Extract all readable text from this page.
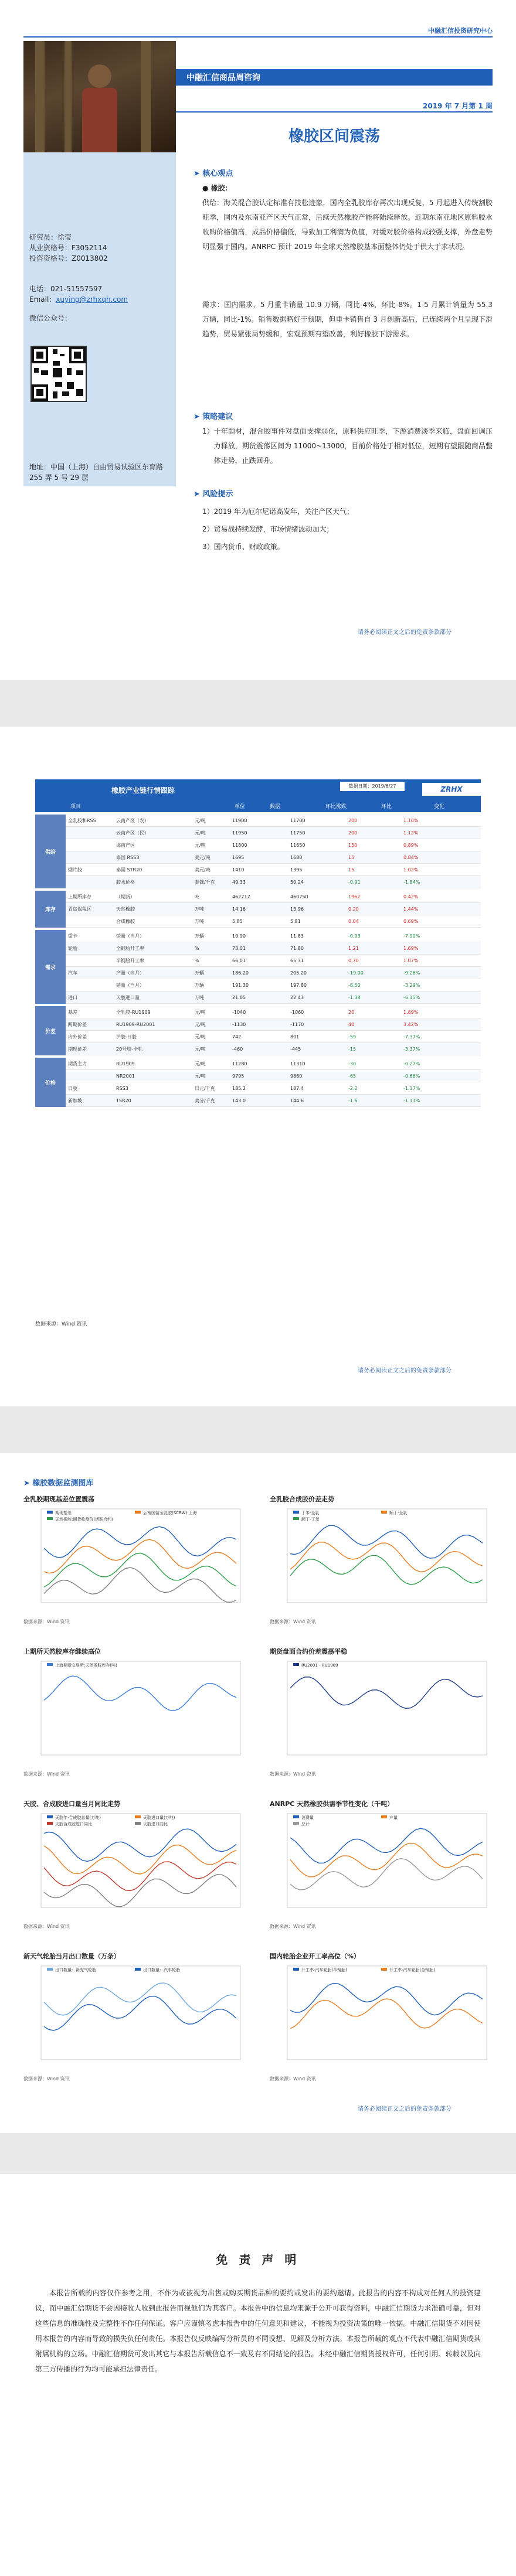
中融汇信投资研究中心
中融汇信商品周咨询
2019 年 7 月第 1 周
橡胶区间震荡
研究员：徐莹
从业资格号：F3052114
投咨资格号：Z0013802
电话：021-51557597
Email：xuying@zrhxqh.com
微信公众号：
地址：中国（上海）自由贸易试验区东育路 255 弄 5 号 29 层
➤ 核心观点
● 橡胶：
供给：海关混合胶认定标准有技松迹象，国内全乳胶库存再次出现反复，5 月起进入传统割胶旺季，国内及东南亚产区天气正常，后续天然橡胶产能将陆续释放。近期东南亚地区原料胶水收购价格偏高，成品价格偏低，导致加工利润为负值，对缓对胶价格构成较强支撑，外盘走势明显强于国内。ANRPC 预计 2019 年全球天然橡胶基本面整体仍处于供大于求状况。
需求：国内需求，5 月重卡销量 10.9 万辆，同比-4%，环比-8%。1-5 月累计销量为 55.3 万辆，同比-1%。销售数据略好于预期，但重卡销售自 3 月创新高后，已连续两个月呈现下滑趋势，贸易紧张局势缓和，宏观预期有望改善，利好橡胶下游需求。
➤ 策略建议
1） 十年题材，混合胶事件对盘面支撑弱化，原料供应旺季，下游消费淡季来临，盘面回调压力释放，期货震荡区间为 11000~13000，目前价格处于相对低位，短期有望跟随商品整体走势，止跌回升。
➤ 风险提示
1）2019 年为厄尔尼诺高发年，关注产区天气；
2）贸易战持续发酵，市场情绪波动加大；
3）国内货币、财政政策。
请务必阅读正文之后的免责条款部分
橡胶产业链行情跟踪
数据日期：2019/6/27	ZRHX
项目	单位	数据	环比涨跌	环比	变化
供给
全乳胶和RSS	云南产区（农）	元/吨	11900	11700	200	1.10%
云南产区（民）	元/吨	11950	11750	200	1.12%
海南产区	元/吨	11800	11650	150	0.89%
泰国 RSS3	美元/吨	1695	1680	15	0.84%
烟片胶	泰国 STR20	美元/吨	1410	1395	15	1.02%
胶水价格	泰铢/千克	49.33	50.24	-0.91	-1.84%
库存
上期所库存	（期货）	吨	462712	460750	1962	0.42%
青岛保税区	天然橡胶	万吨	14.16	13.96	0.20	1.44%
合成橡胶	万吨	5.85	5.81	0.04	0.69%
需求
重卡	销量（当月）	万辆	10.90	11.83	-0.93	-7.90%
轮胎	全钢胎开工率	%	73.01	71.80	1.21	1.69%
半钢胎开工率	%	66.01	65.31	0.70	1.07%
汽车	产量（当月）	万辆	186.20	205.20	-19.00	-9.26%
销量（当月）	万辆	191.30	197.80	-6.50	-3.29%
进口	天胶进口量	万吨	21.05	22.43	-1.38	-6.15%
价差
基差	全乳胶-RU1909	元/吨	-1040	-1060	20	1.89%
跨期价差	RU1909-RU2001	元/吨	-1130	-1170	40	3.42%
内外价差	沪胶-日胶	元/吨	742	801	-59	-7.37%
期现价差	20号胶-全乳	元/吨	-460	-445	-15	-3.37%
价格
期货主力	RU1909	元/吨	11280	11310	-30	-0.27%
NR2001	元/吨	9795	9860	-65	-0.66%
日胶	RSS3	日元/千克	185.2	187.4	-2.2	-1.17%
新加坡	TSR20	美分/千克	143.0	144.6	-1.6	-1.11%
数据来源：Wind 资讯
请务必阅读正文之后的免责条款部分
➤ 橡胶数据监测图库
全乳胶期现基差位置震荡
期现基差	云南国营全乳胶(SCRW):上海
天然橡胶:期货收盘价(活跃合约)
数据来源：Wind 资讯
全乳胶合成胶价差走势
丁苯-全乳	顺丁-全乳
顺丁-丁苯
数据来源：Wind 资讯
上期所天然胶库存继续高位
上海期货交易所:天然橡胶库存(吨)
数据来源：Wind 资讯
期货盘面合约价差震荡平稳
RU2001 - RU1909
数据来源：Wind 资讯
天胶、合成胶进口量当月同比走势
天胶年-合成胶总量(万吨)	天胶进口量(万吨)
天胶合成胶进口同比	天胶进口同比
数据来源：Wind 资讯
ANRPC 天然橡胶供需季节性变化（千吨）
消费量	产量
总计
数据来源：Wind 资讯
新天气轮胎当月出口数量（万条）
出口数量：新充气轮胎	出口数量：汽车轮胎
数据来源：Wind 资讯
国内轮胎企业开工率高位（%）
开工率:汽车轮胎(半钢胎)	开工率:汽车轮胎(全钢胎)
数据来源：Wind 资讯
请务必阅读正文之后的免责条款部分
免 责 声 明
本报告所载的内容仅作参考之用，不作为或被视为出售或购买期货品种的要约或发出的要约邀请。此报告的内容不构成对任何人的投资建议，而中融汇信期货不会因接收人收到此报告而视他们为其客户。本报告中的信息均来源于公开可获得资料，中融汇信期货力求准确可靠，但对这些信息的准确性及完整性不作任何保证。客户应谨慎考虑本报告中的任何意见和建议，不能视为投资决策的唯一依据。中融汇信期货不对因使用本报告的内容而导致的损失负任何责任。本报告仅反映编写分析员的不同设想、见解及分析方法。本报告所载的观点不代表中融汇信期货或其附属机构的立场。中融汇信期货可发出其它与本报告所载信息不一致及有不同结论的报告。未经中融汇信期货授权许可，任何引用、转载以及向第三方传播的行为均可能承担法律责任。
